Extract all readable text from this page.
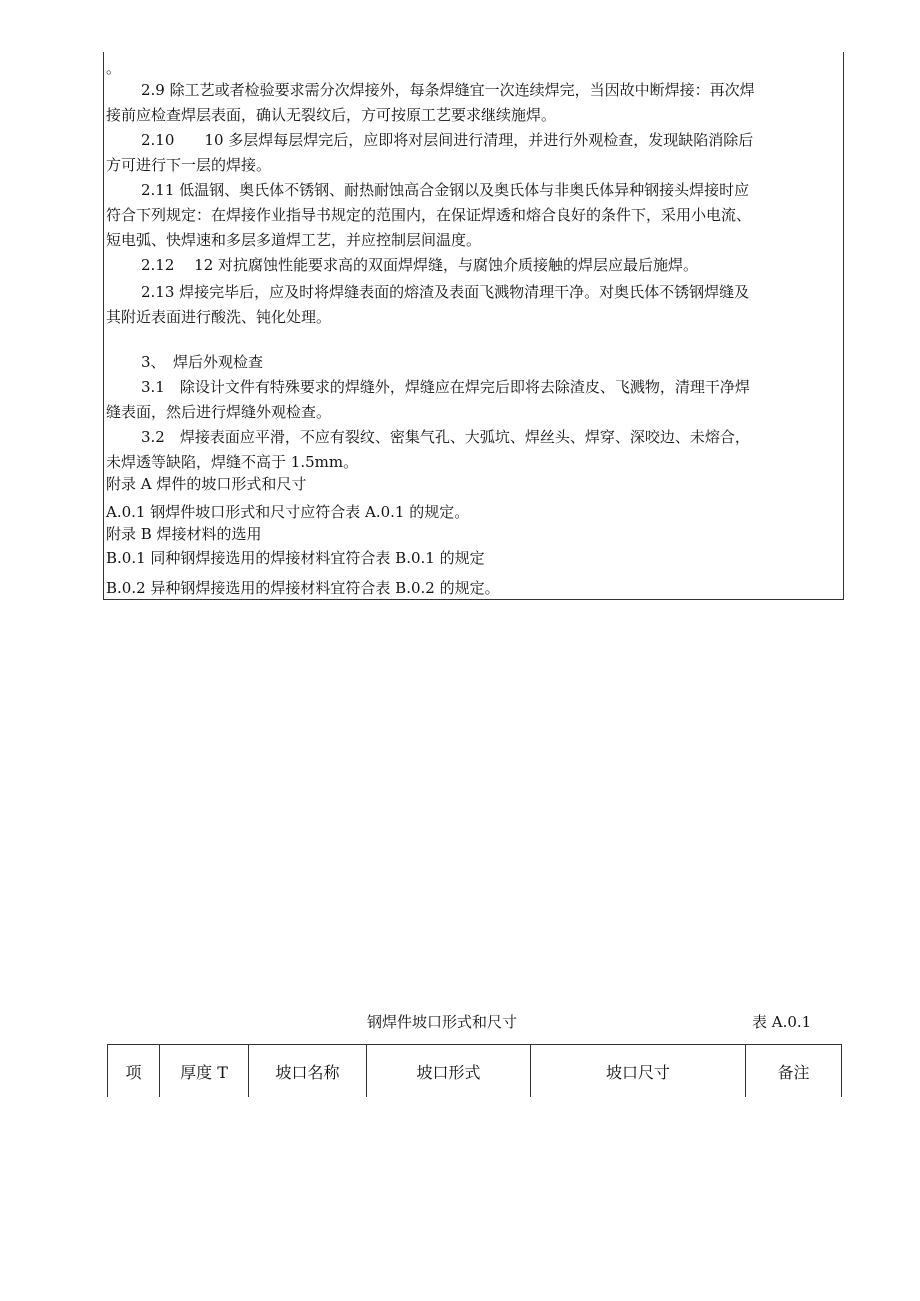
。
2.9 除工艺或者检验要求需分次焊接外，每条焊缝宜一次连续焊完，当因故中断焊接：再次焊
接前应检查焊层表面，确认无裂纹后，方可按原工艺要求继续施焊。
2.10　　10 多层焊每层焊完后，应即将对层间进行清理，并进行外观检查，发现缺陷消除后
方可进行下一层的焊接。
2.11 低温钢、奥氏体不锈钢、耐热耐蚀高合金钢以及奥氏体与非奥氏体异种钢接头焊接时应
符合下列规定：在焊接作业指导书规定的范围内，在保证焊透和熔合良好的条件下，采用小电流、
短电弧、快焊速和多层多道焊工艺，并应控制层间温度。
2.12　 12 对抗腐蚀性能要求高的双面焊焊缝，与腐蚀介质接触的焊层应最后施焊。
2.13 焊接完毕后，应及时将焊缝表面的熔渣及表面飞溅物清理干净。对奥氏体不锈钢焊缝及
其附近表面进行酸洗、钝化处理。
3、　焊后外观检查
3.1　除设计文件有特殊要求的焊缝外，焊缝应在焊完后即将去除渣皮、飞溅物，清理干净焊
缝表面，然后进行焊缝外观检查。
3.2　焊接表面应平滑，不应有裂纹、密集气孔、大弧坑、焊丝头、焊穿、深咬边、未熔合，
未焊透等缺陷，焊缝不高于 1.5mm。
附录 A 焊件的坡口形式和尺寸
A.0.1 钢焊件坡口形式和尺寸应符合表 A.0.1 的规定。
附录 B 焊接材料的选用
B.0.1 同种钢焊接选用的焊接材料宜符合表 B.0.1 的规定
B.0.2 异种钢焊接选用的焊接材料宜符合表 B.0.2 的规定。
钢焊件坡口形式和尺寸	表 A.0.1
项	厚度 T	坡口名称	坡口形式	坡口尺寸	备注
